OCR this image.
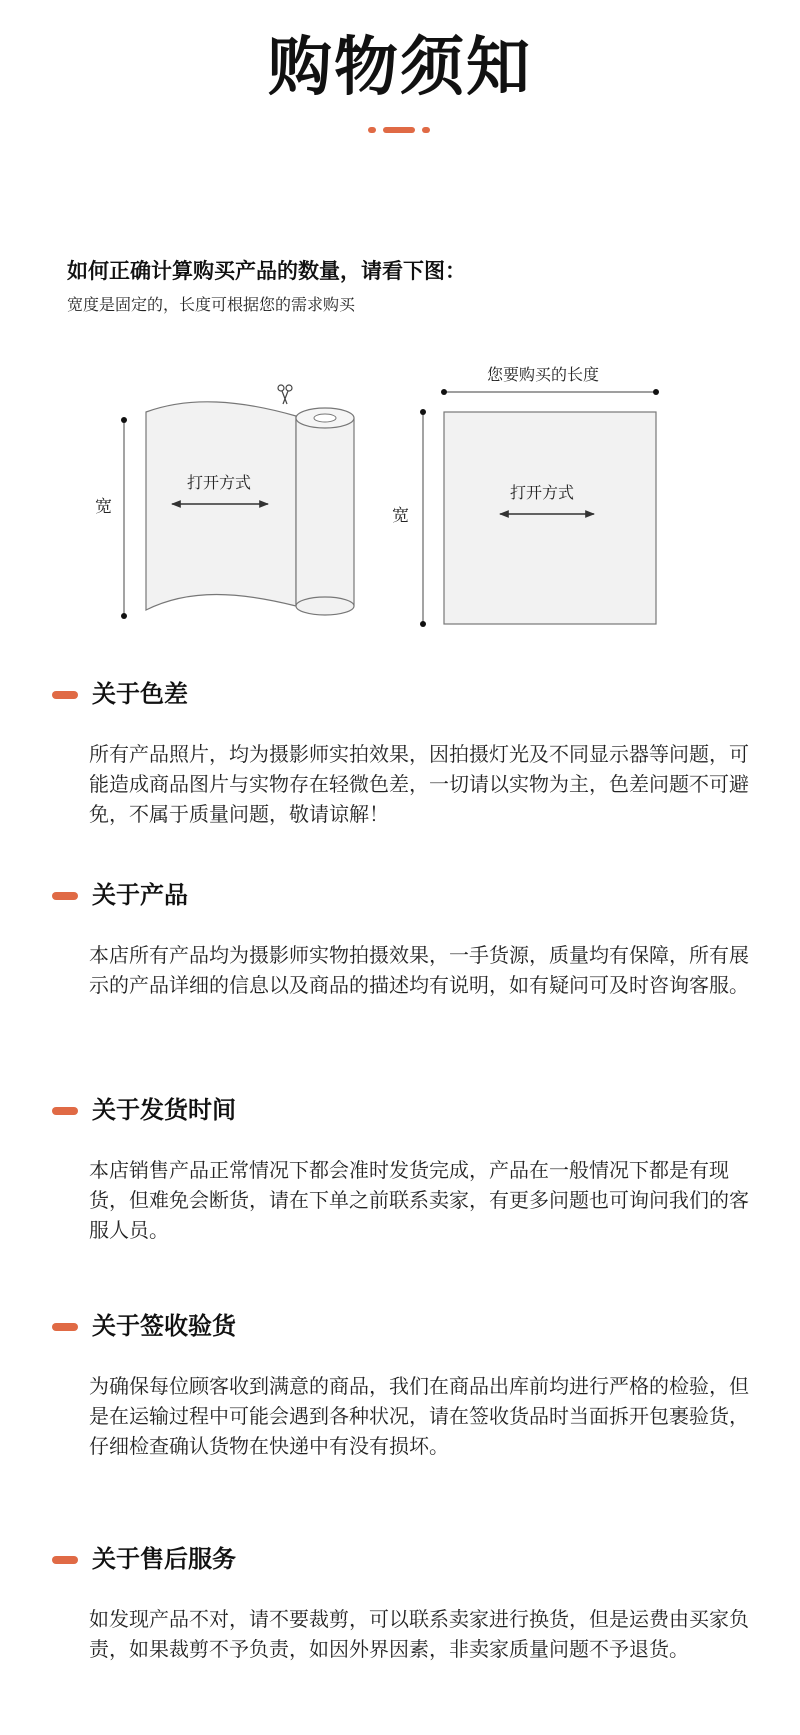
购物须知
如何正确计算购买产品的数量，请看下图：
宽度是固定的，长度可根据您的需求购买
宽
打开方式
您要购买的长度
宽
打开方式
关于色差
所有产品照片，均为摄影师实拍效果，因拍摄灯光及不同显示器等问题，可能造成商品图片与实物存在轻微色差，一切请以实物为主，色差问题不可避免，不属于质量问题，敬请谅解！
关于产品
本店所有产品均为摄影师实物拍摄效果，一手货源，质量均有保障，所有展示的产品详细的信息以及商品的描述均有说明，如有疑问可及时咨询客服。
关于发货时间
本店销售产品正常情况下都会准时发货完成，产品在一般情况下都是有现货，但难免会断货，请在下单之前联系卖家，有更多问题也可询问我们的客服人员。
关于签收验货
为确保每位顾客收到满意的商品，我们在商品出库前均进行严格的检验，但是在运输过程中可能会遇到各种状况，请在签收货品时当面拆开包裹验货，仔细检查确认货物在快递中有没有损坏。
关于售后服务
如发现产品不对，请不要裁剪，可以联系卖家进行换货，但是运费由买家负责，如果裁剪不予负责，如因外界因素，非卖家质量问题不予退货。
